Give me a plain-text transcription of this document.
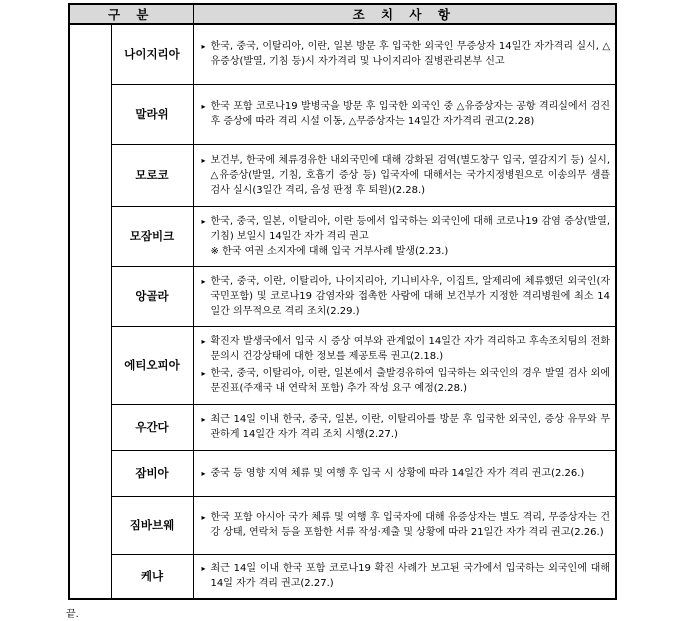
구 분		조 치 사 항
	나이지리아	▸ 한국, 중국, 이탈리아, 이란, 일본 방문 후 입국한 외국인 무증상자 14일간 자가격리 실시, △유증상(발열, 기침 등)시 자가격리 및 나이지리아 질병관리본부 신고

	말라위	▸ 한국 포함 코로나19 발병국을 방문 후 입국한 외국인 중 △유증상자는 공항 격리실에서 검진 후 증상에 따라 격리 시설 이동, △무증상자는 14일간 자가격리 권고(2.28)

	모로코	▸ 보건부, 한국에 체류경유한 내외국민에 대해 강화된 검역(별도창구 입국, 열감지기 등) 실시, △유증상(발열, 기침, 호흡기 증상 등) 입국자에 대해서는 국가지정병원으로 이송의무 샘플 검사 실시(3일간 격리, 음성 판정 후 퇴원)(2.28.)

	모잠비크	▸ 한국, 중국, 일본, 이탈리아, 이란 등에서 입국하는 외국인에 대해 코로나19 감염 증상(발열,기침) 보일시 14일간 자가 격리 권고
※ 한국 여권 소지자에 대해 입국 거부사례 발생(2.23.)

	앙골라	▸ 한국, 중국, 이란, 이탈리아, 나이지리아, 기니비사우, 이집트, 알제리에 체류했던 외국인(자국민포함) 및 코로나19 감염자와 접촉한 사람에 대해 보건부가 지정한 격리병원에 최소 14일간 의무적으로 격리 조치(2.29.)

	에티오피아	▸ 확진자 발생국에서 입국 시 증상 여부와 관계없이 14일간 자가 격리하고 후속조치팀의 전화 문의시 건강상태에 대한 정보를 제공토록 권고(2.18.)
▸ 한국, 중국, 이탈리아, 이란, 일본에서 출발경유하여 입국하는 외국인의 경우 발열 검사 외에 문진표(주재국 내 연락처 포함) 추가 작성 요구 예정(2.28.)

	우간다	▸ 최근 14일 이내 한국, 중국, 일본, 이란, 이탈리아를 방문 후 입국한 외국인, 증상 유무와 무관하게 14일간 자가 격리 조치 시행(2.27.)

	잠비아	▸ 중국 등 영향 지역 체류 및 여행 후 입국 시 상황에 따라 14일간 자가 격리 권고(2.26.)

	짐바브웨	▸ 한국 포함 아시아 국가 체류 및 여행 후 입국자에 대해 유증상자는 별도 격리, 무증상자는 건강 상태, 연락처 등을 포함한 서류 작성·제출 및 상황에 따라 21일간 자가 격리 권고(2.26.)

	케냐	▸ 최근 14일 이내 한국 포함 코로나19 확진 사례가 보고된 국가에서 입국하는 외국인에 대해 14일 자가 격리 권고(2.27.)
끝.
